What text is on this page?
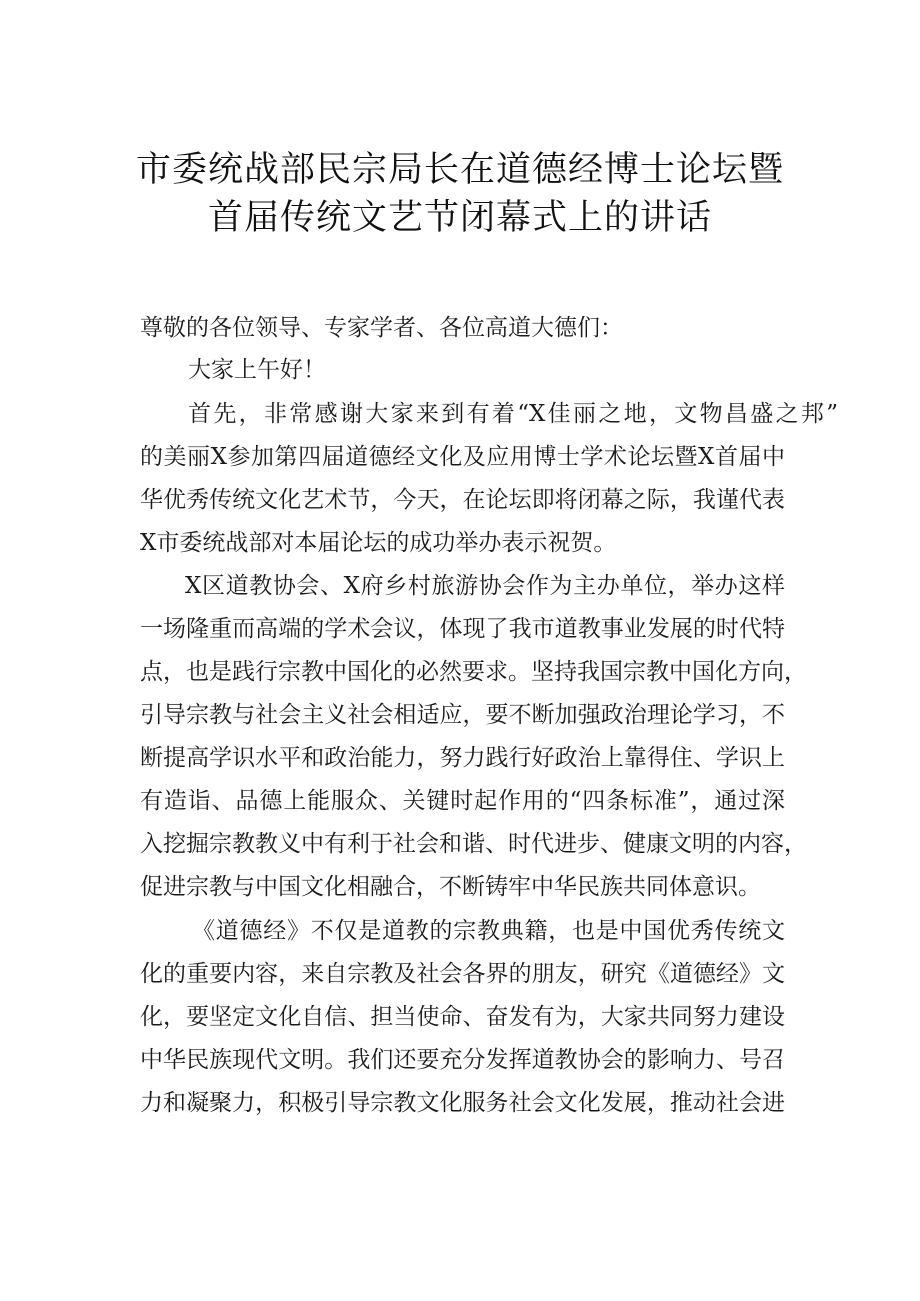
市委统战部民宗局长在道德经博士论坛暨
首届传统文艺节闭幕式上的讲话
尊敬的各位领导、专家学者、各位高道大德们：
大家上午好！
首先，非常感谢大家来到有着“X佳丽之地，文物昌盛之邦”
的美丽X参加第四届道德经文化及应用博士学术论坛暨X首届中
华优秀传统文化艺术节，今天，在论坛即将闭幕之际，我谨代表
X市委统战部对本届论坛的成功举办表示祝贺。
X区道教协会、X府乡村旅游协会作为主办单位，举办这样
一场隆重而高端的学术会议，体现了我市道教事业发展的时代特
点，也是践行宗教中国化的必然要求。坚持我国宗教中国化方向，
引导宗教与社会主义社会相适应，要不断加强政治理论学习，不
断提高学识水平和政治能力，努力践行好政治上靠得住、学识上
有造诣、品德上能服众、关键时起作用的“四条标准”，通过深
入挖掘宗教教义中有利于社会和谐、时代进步、健康文明的内容，
促进宗教与中国文化相融合，不断铸牢中华民族共同体意识。
《道德经》不仅是道教的宗教典籍，也是中国优秀传统文
化的重要内容，来自宗教及社会各界的朋友，研究《道德经》文
化，要坚定文化自信、担当使命、奋发有为，大家共同努力建设
中华民族现代文明。我们还要充分发挥道教协会的影响力、号召
力和凝聚力，积极引导宗教文化服务社会文化发展，推动社会进
